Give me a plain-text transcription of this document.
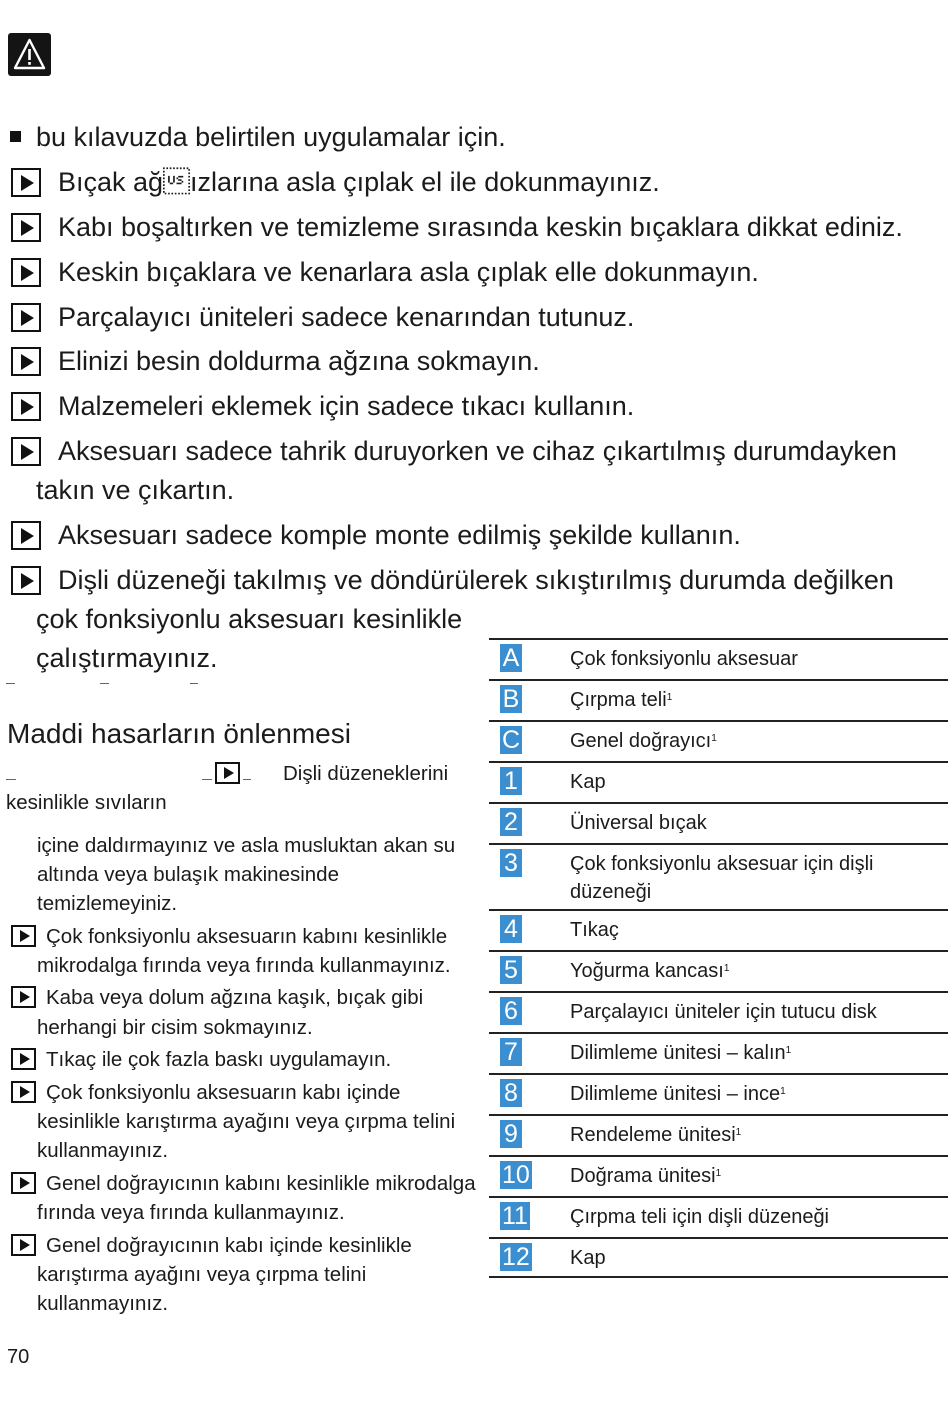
bu kılavuzda belirtilen uygulamalar için.
Bıçak ağızlarına asla çıplak el ile dokunmayınız.
Kabı boşaltırken ve temizleme sırasında keskin bıçaklara dikkat ediniz.
Keskin bıçaklara ve kenarlara asla çıplak elle dokunmayın.
Parçalayıcı üniteleri sadece kenarından tutunuz.
Elinizi besin doldurma ağzına sokmayın.
Malzemeleri eklemek için sadece tıkacı kullanın.
Aksesuarı sadece tahrik duruyorken ve cihaz çıkartılmış durumdayken
takın ve çıkartın.
Aksesuarı sadece komple monte edilmiş şekilde kullanın.
Dişli düzeneği takılmış ve döndürülerek sıkıştırılmış durumda değilken
çok fonksiyonlu aksesuarı kesinlikle
çalıştırmayınız.
Maddi hasarların önlenmesi
Dişli düzeneklerini
kesinlikle sıvıların
içine daldırmayınız ve asla musluktan akan su
altında veya bulaşık makinesinde
temizlemeyiniz.
Çok fonksiyonlu aksesuarın kabını kesinlikle
mikrodalga fırında veya fırında kullanmayınız.
Kaba veya dolum ağzına kaşık, bıçak gibi
herhangi bir cisim sokmayınız.
Tıkaç ile çok fazla baskı uygulamayın.
Çok fonksiyonlu aksesuarın kabı içinde
kesinlikle karıştırma ayağını veya çırpma telini
kullanmayınız.
Genel doğrayıcının kabını kesinlikle mikrodalga
fırında veya fırında kullanmayınız.
Genel doğrayıcının kabı içinde kesinlikle
karıştırma ayağını veya çırpma telini
kullanmayınız.
A	Çok fonksiyonlu aksesuar
B	Çırpma teli$^1$
C Genel doğrayıcı$^1$
1	Kap
2	Üniversal bıçak
3	Çok fonksiyonlu aksesuar için dişli düzeneği
4	Tıkaç
5	Yoğurma kancası$^1$
6	Parçalayıcı üniteler için tutucu disk
7	Dilimleme ünitesi – kalın$^1$
8	Dilimleme ünitesi – ince$^1$
9	Rendeleme ünitesi$^1$
10 Doğrama ünitesi$^1$
11 Çırpma teli için dişli düzeneği
12 Kap
70
